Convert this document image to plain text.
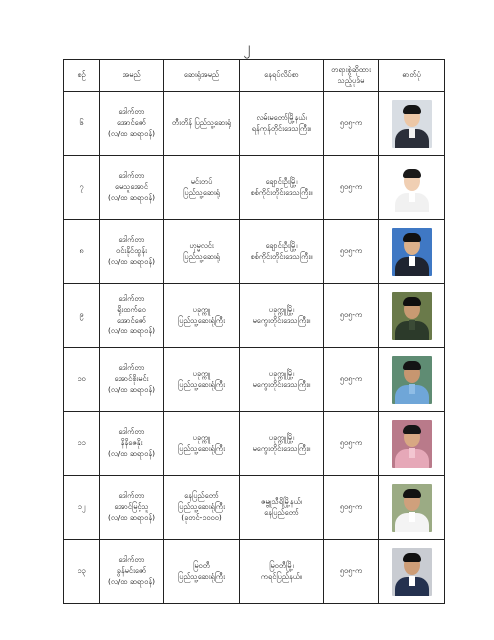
၂
စဉ်	အမည်	ဆေးရုံအမည်	နေရပ်လိပ်စာ	တရားစွဲဆိုထား
သည့်ပုဒ်မ	ဓာတ်ပုံ
၆	ဒေါက်တာ
အောင်ဇော်
(လ/ထ ဆရာဝန်)	တီးတိန် ပြည်သူ့ဆေးရုံ	လမ်းမတော်မြို့နယ်၊
ရန်ကုန်တိုင်းဒေသကြီး။	၅၀၅-က	

၇	ဒေါက်တာ
မေသူအောင်
(လ/ထ ဆရာဝန်)	မင်းတပ်
ပြည်သူ့ဆေးရုံ	ချောင်းဦးမြို့၊
စစ်ကိုင်းတိုင်းဒေသကြီး။	၅၀၅-က	

၈	ဒေါက်တာ
ဝင်းနိုင်ထွန်း
(လ/ထ ဆရာဝန်)	ဟုမ္မလင်း
ပြည်သူ့ဆေးရုံ	ချောင်းဦးမြို့၊
စစ်ကိုင်းတိုင်းဒေသကြီး။	၅၀၅-က	

၉	ဒေါက်တာ
ရိုးထက်ဝေ
အောင်ဇော်
(လ/ထ ဆရာဝန်)	ပခုက္ကူ
ပြည်သူ့ဆေးရုံကြီး	ပခုက္ကူမြို့၊
မကွေးတိုင်းဒေသကြီး။	၅၀၅-က	

၁၀	ဒေါက်တာ
အောင်စိုးမင်း
(လ/ထ ဆရာဝန်)	ပခုက္ကူ
ပြည်သူ့ဆေးရုံကြီး	ပခုက္ကူမြို့၊
မကွေးတိုင်းဒေသကြီး။	၅၀၅-က	

၁၁	ဒေါက်တာ
နိနိဇေနိုး
(လ/ထ ဆရာဝန်)	ပခုက္ကူ
ပြည်သူ့ဆေးရုံကြီး	ပခုက္ကူမြို့၊
မကွေးတိုင်းဒေသကြီး။	၅၀၅-က	

၁၂	ဒေါက်တာ
အောင်မြင့်သူ
(လ/ထ ဆရာဝန်)	နေပြည်တော်
ပြည်သူ့ဆေးရုံကြီး
(ခုတင်-၁၀၀၀)	ဇမ္ဗူသီရိမြို့နယ်၊
နေပြည်တော်	၅၀၅-က	

၁၃	ဒေါက်တာ
ခွန်မင်းဇော်
(လ/ထ ဆရာဝန်)	မြဝတီ
ပြည်သူ့ဆေးရုံကြီး	မြဝတီမြို့၊
ကရင်ပြည်နယ်။	၅၀၅-က	
